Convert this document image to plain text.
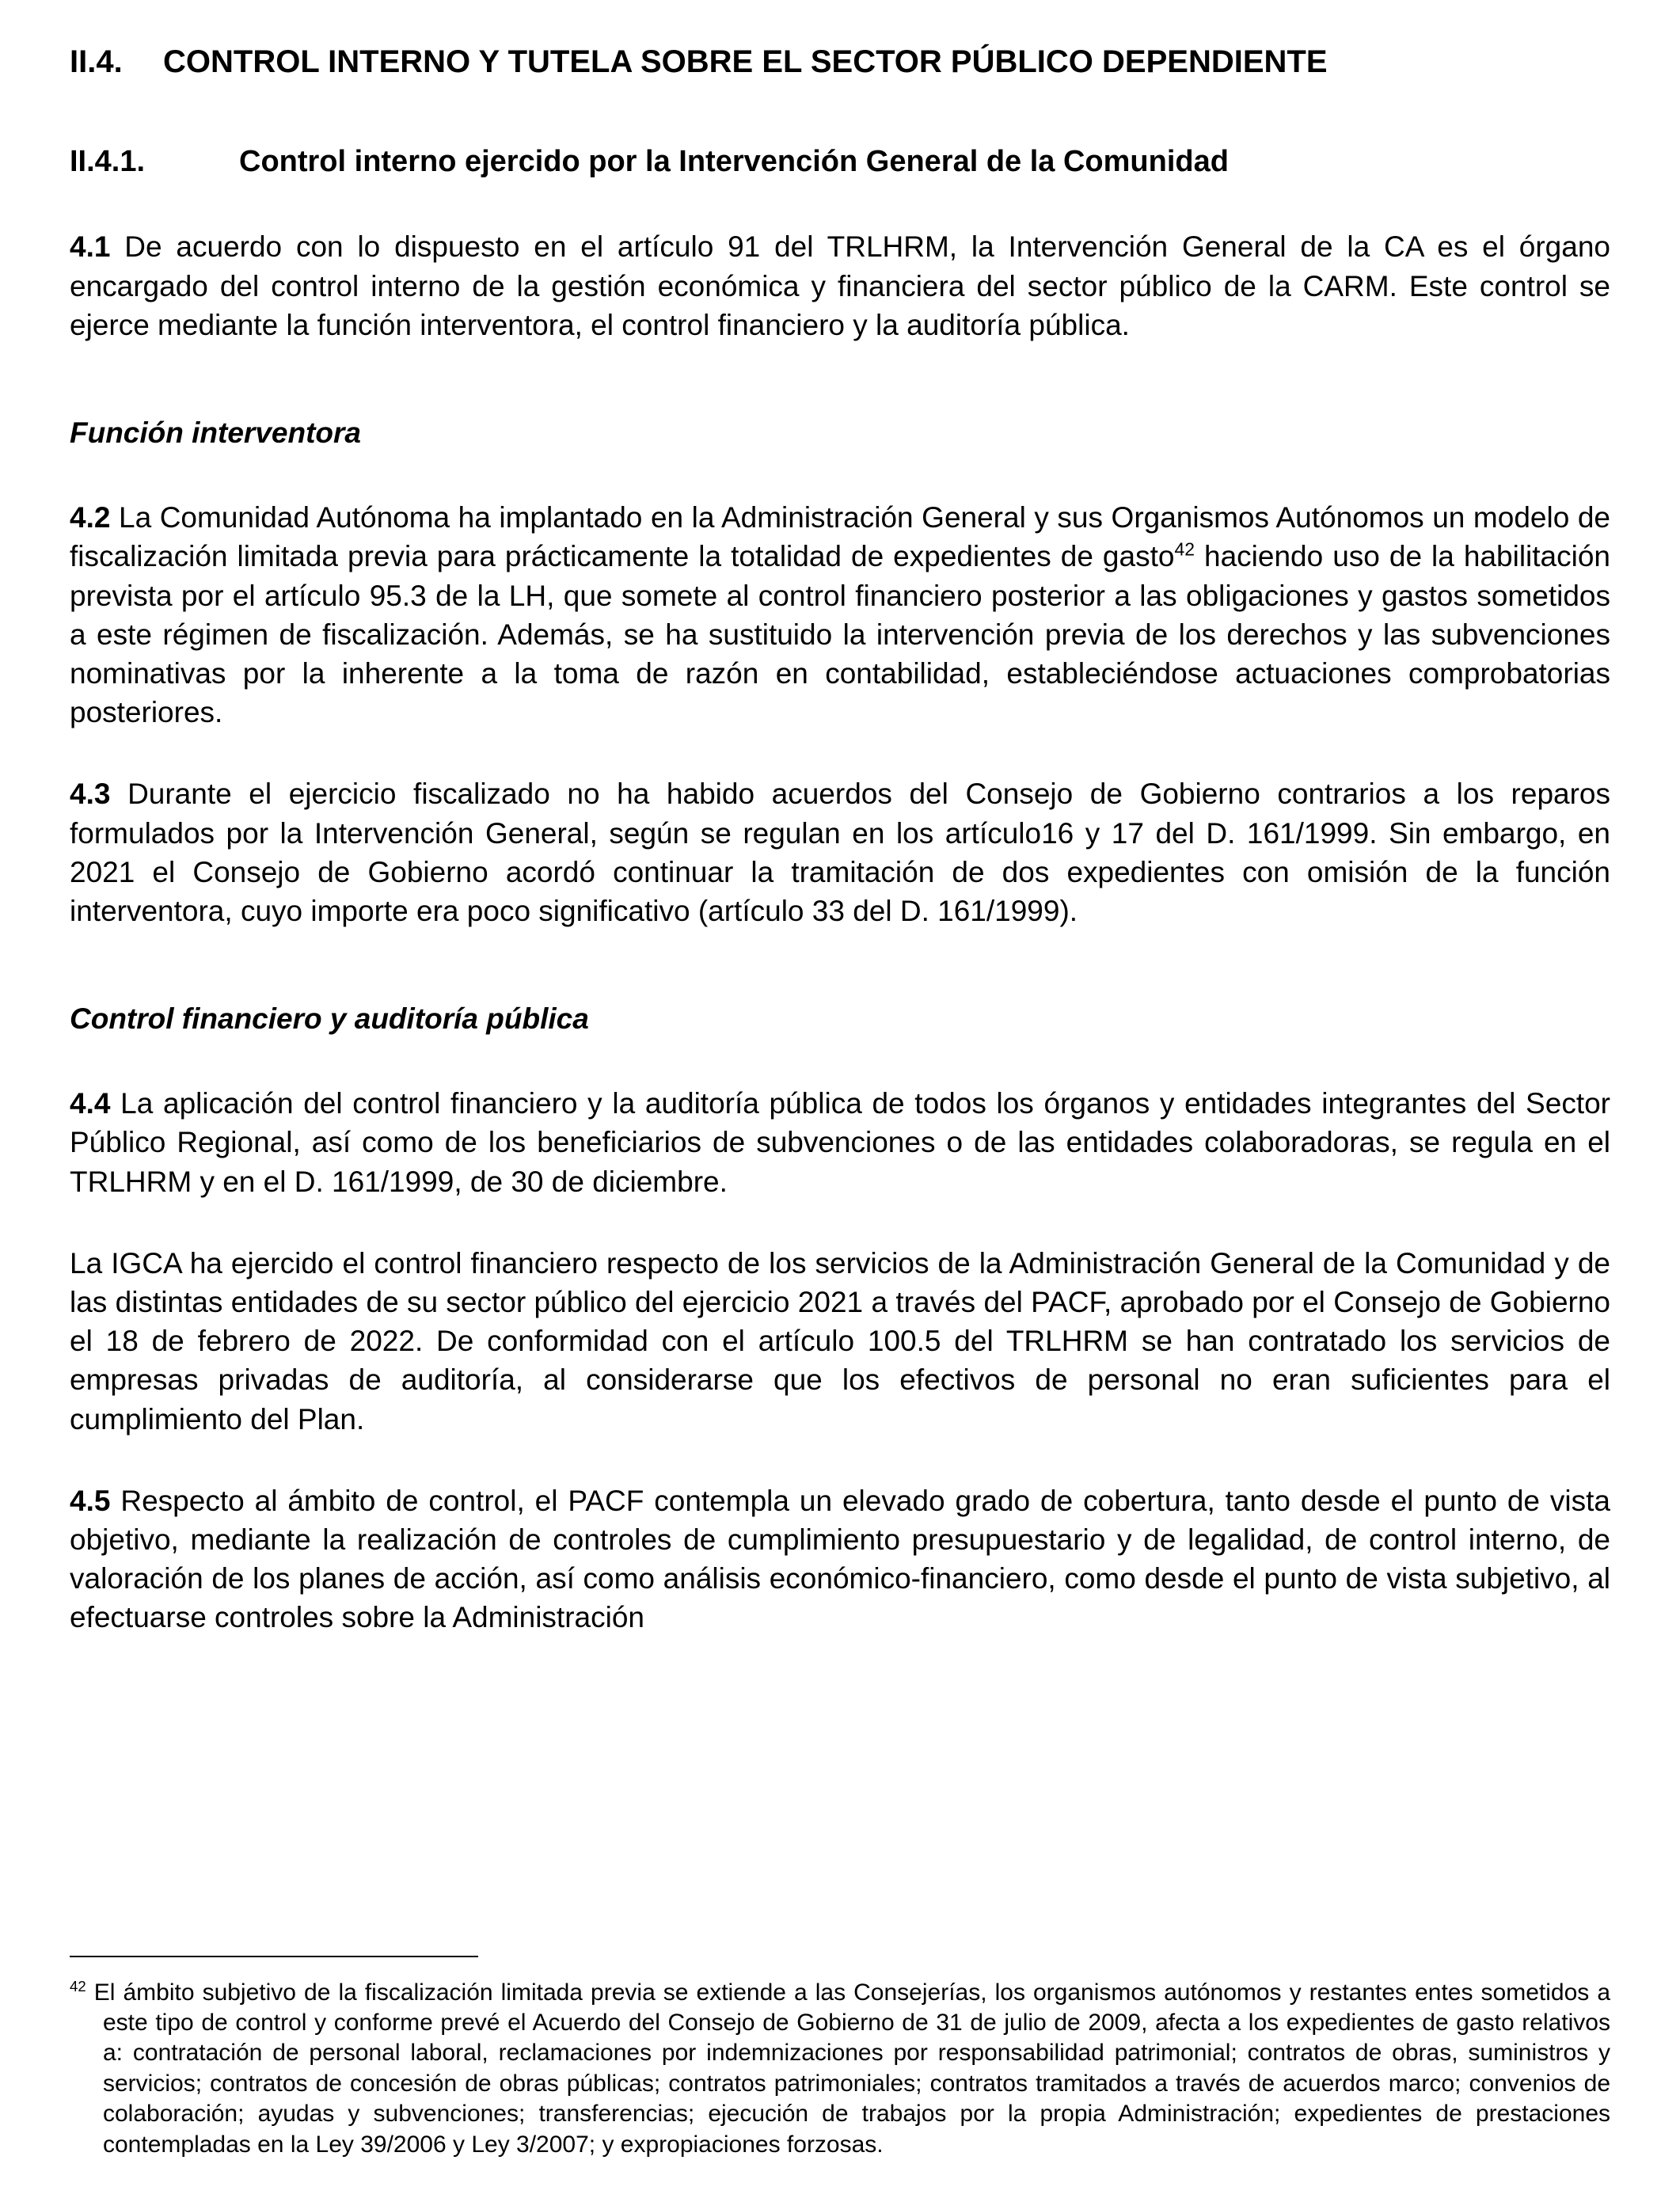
II.4. CONTROL INTERNO Y TUTELA SOBRE EL SECTOR PÚBLICO DEPENDIENTE
II.4.1.	Control interno ejercido por la Intervención General de la Comunidad

4.1 De acuerdo con lo dispuesto en el artículo 91 del TRLHRM, la Intervención General de la CA es el órgano encargado del control interno de la gestión económica y financiera del sector público de la CARM. Este control se ejerce mediante la función interventora, el control financiero y la auditoría pública.

Función interventora

4.2 La Comunidad Autónoma ha implantado en la Administración General y sus Organismos Autónomos un modelo de fiscalización limitada previa para prácticamente la totalidad de expedientes de gasto$^{42}$ haciendo uso de la habilitación prevista por el artículo 95.3 de la LH, que somete al control financiero posterior a las obligaciones y gastos sometidos a este régimen de fiscalización. Además, se ha sustituido la intervención previa de los derechos y las subvenciones nominativas por la inherente a la toma de razón en contabilidad, estableciéndose actuaciones comprobatorias posteriores.

4.3 Durante el ejercicio fiscalizado no ha habido acuerdos del Consejo de Gobierno contrarios a los reparos formulados por la Intervención General, según se regulan en los artículo16 y 17 del D. 161/1999. Sin embargo, en 2021 el Consejo de Gobierno acordó continuar la tramitación de dos expedientes con omisión de la función interventora, cuyo importe era poco significativo (artículo 33 del D. 161/1999).

Control financiero y auditoría pública

4.4 La aplicación del control financiero y la auditoría pública de todos los órganos y entidades integrantes del Sector Público Regional, así como de los beneficiarios de subvenciones o de las entidades colaboradoras, se regula en el TRLHRM y en el D. 161/1999, de 30 de diciembre.

La IGCA ha ejercido el control financiero respecto de los servicios de la Administración General de la Comunidad y de las distintas entidades de su sector público del ejercicio 2021 a través del PACF, aprobado por el Consejo de Gobierno el 18 de febrero de 2022. De conformidad con el artículo 100.5 del TRLHRM se han contratado los servicios de empresas privadas de auditoría, al considerarse que los efectivos de personal no eran suficientes para el cumplimiento del Plan.

4.5 Respecto al ámbito de control, el PACF contempla un elevado grado de cobertura, tanto desde el punto de vista objetivo, mediante la realización de controles de cumplimiento presupuestario y de legalidad, de control interno, de valoración de los planes de acción, así como análisis económico-financiero, como desde el punto de vista subjetivo, al efectuarse controles sobre la Administración

$^{42}$ El ámbito subjetivo de la fiscalización limitada previa se extiende a las Consejerías, los organismos autónomos y restantes entes sometidos a este tipo de control y conforme prevé el Acuerdo del Consejo de Gobierno de 31 de julio de 2009, afecta a los expedientes de gasto relativos a: contratación de personal laboral, reclamaciones por indemnizaciones por responsabilidad patrimonial; contratos de obras, suministros y servicios; contratos de concesión de obras públicas; contratos patrimoniales; contratos tramitados a través de acuerdos marco; convenios de colaboración; ayudas y subvenciones; transferencias; ejecución de trabajos por la propia Administración; expedientes de prestaciones contempladas en la Ley 39/2006 y Ley 3/2007; y expropiaciones forzosas.
